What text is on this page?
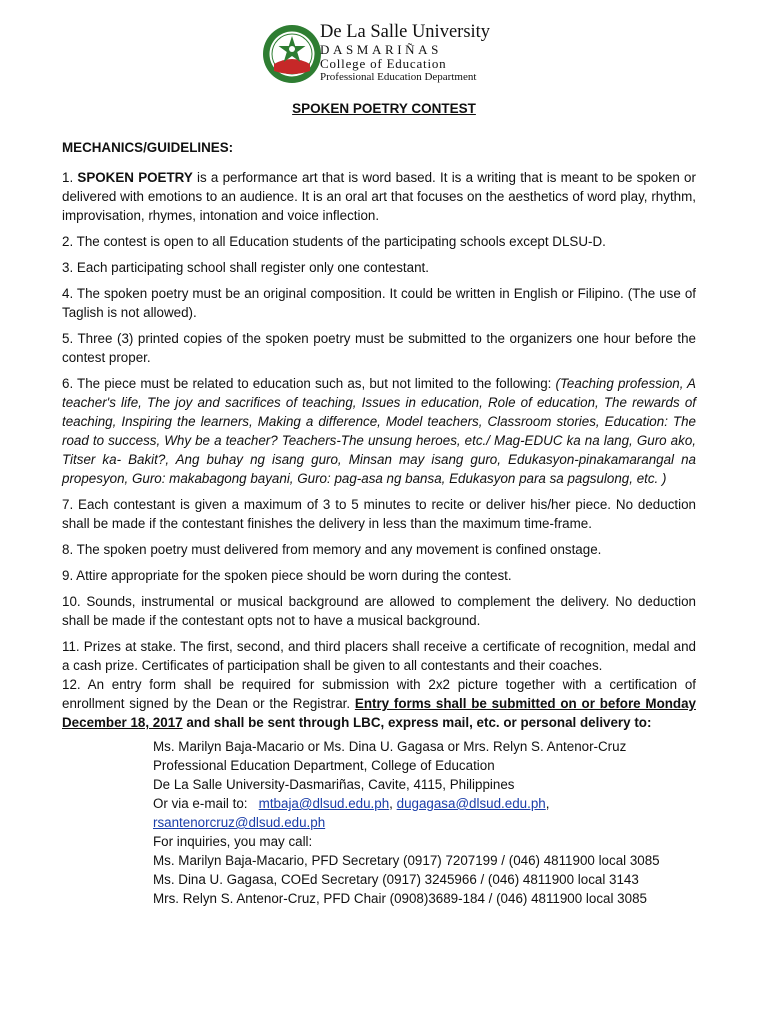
De La Salle University
DASMARIÑAS
College of Education
Professional Education Department
SPOKEN POETRY CONTEST

MECHANICS/GUIDELINES:

1. SPOKEN POETRY is a performance art that is word based. It is a writing that is meant to be spoken or delivered with emotions to an audience. It is an oral art that focuses on the aesthetics of word play, rhythm, improvisation, rhymes, intonation and voice inflection.

2. The contest is open to all Education students of the participating schools except DLSU-D.

3. Each participating school shall register only one contestant.

4. The spoken poetry must be an original composition. It could be written in English or Filipino. (The use of Taglish is not allowed).

5. Three (3) printed copies of the spoken poetry must be submitted to the organizers one hour before the contest proper.

6. The piece must be related to education such as, but not limited to the following: (Teaching profession, A teacher's life, The joy and sacrifices of teaching, Issues in education, Role of education, The rewards of teaching, Inspiring the learners, Making a difference, Model teachers, Classroom stories, Education: The road to success, Why be a teacher? Teachers-The unsung heroes, etc./ Mag-EDUC ka na lang, Guro ako, Titser ka- Bakit?, Ang buhay ng isang guro, Minsan may isang guro, Edukasyon-pinakamarangal na propesyon, Guro: makabagong bayani, Guro: pag-asa ng bansa, Edukasyon para sa pagsulong, etc. )

7. Each contestant is given a maximum of 3 to 5 minutes to recite or deliver his/her piece. No deduction shall be made if the contestant finishes the delivery in less than the maximum time-frame.

8. The spoken poetry must delivered from memory and any movement is confined onstage.

9. Attire appropriate for the spoken piece should be worn during the contest.

10. Sounds, instrumental or musical background are allowed to complement the delivery. No deduction shall be made if the contestant opts not to have a musical background.

11. Prizes at stake. The first, second, and third placers shall receive a certificate of recognition, medal and a cash prize. Certificates of participation shall be given to all contestants and their coaches.

12. An entry form shall be required for submission with 2x2 picture together with a certification of enrollment signed by the Dean or the Registrar. Entry forms shall be submitted on or before Monday December 18, 2017 and shall be sent through LBC, express mail, etc. or personal delivery to:

Ms. Marilyn Baja-Macario or Ms. Dina U. Gagasa or Mrs. Relyn S. Antenor-Cruz

Professional Education Department, College of Education

De La Salle University-Dasmariñas, Cavite, 4115, Philippines

Or via e-mail to: mtbaja@dlsud.edu.ph, dugagasa@dlsud.edu.ph,

rsantenorcruz@dlsud.edu.ph

For inquiries, you may call:

Ms. Marilyn Baja-Macario, PFD Secretary (0917) 7207199 / (046) 4811900 local 3085

Ms. Dina U. Gagasa, COEd Secretary (0917) 3245966 / (046) 4811900 local 3143

Mrs. Relyn S. Antenor-Cruz, PFD Chair (0908)3689-184 / (046) 4811900 local 3085
